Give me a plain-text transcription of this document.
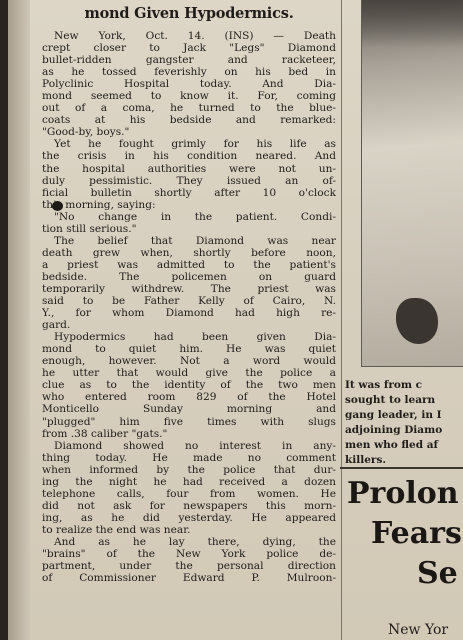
mond Given Hypodermics.
New York, Oct. 14. (INS) — Death
crept closer to Jack "Legs" Diamond
bullet-ridden gangster and racketeer,
as he tossed feverishly on his bed in
Polyclinic Hospital today. And Dia-
mond seemed to know it. For, coming
out of a coma, he turned to the blue-
coats at his bedside and remarked:
"Good-by, boys."
Yet he fought grimly for his life as
the crisis in his condition neared. And
the hospital authorities were not un-
duly pessimistic. They issued an of-
ficial bulletin shortly after 10 o'clock
this morning, saying:
"No change in the patient. Condi-
tion still serious."
The belief that Diamond was near
death grew when, shortly before noon,
a priest was admitted to the patient's
bedside. The policemen on guard
temporarily withdrew. The priest was
said to be Father Kelly of Cairo, N.
Y., for whom Diamond had high re-
gard.
Hypodermics had been given Dia-
mond to quiet him. He was quiet
enough, however. Not a word would
he utter that would give the police a
clue as to the identity of the two men
who entered room 829 of the Hotel
Monticello Sunday morning and
"plugged" him five times with slugs
from .38 caliber "gats."
Diamond showed no interest in any-
thing today. He made no comment
when informed by the police that dur-
ing the night he had received a dozen
telephone calls, four from women. He
did not ask for newspapers this morn-
ing, as he did yesterday. He appeared
to realize the end was near.
And as he lay there, dying, the
"brains" of the New York police de-
partment, under the personal direction
of Commissioner Edward P. Mulroon-
It was from c
sought to learn
gang leader, in I
adjoining Diamo
men who fled af
killers.
Prolon
Fears
Se
New Yor
